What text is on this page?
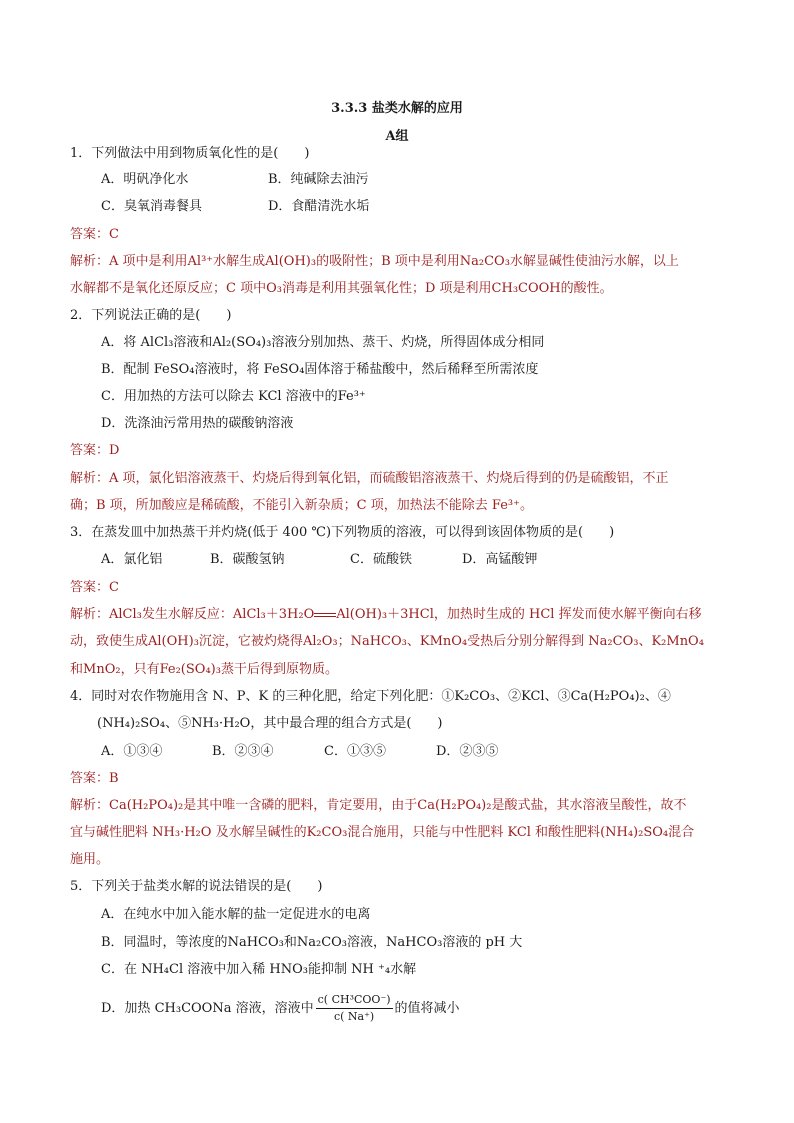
3.3.3 盐类水解的应用
A组
1．下列做法中用到物质氧化性的是(　　)
A．明矾净化水	B．纯碱除去油污
C．臭氧消毒餐具	D．食醋清洗水垢
答案：C
解析：A 项中是利用Al³⁺水解生成Al(OH)₃的吸附性；B 项中是利用Na₂CO₃水解显碱性使油污水解，以上
水解都不是氧化还原反应；C 项中O₃消毒是利用其强氧化性；D 项是利用CH₃COOH的酸性。
2．下列说法正确的是(　　)
A．将 AlCl₃溶液和Al₂(SO₄)₃溶液分别加热、蒸干、灼烧，所得固体成分相同
B．配制 FeSO₄溶液时，将 FeSO₄固体溶于稀盐酸中，然后稀释至所需浓度
C．用加热的方法可以除去 KCl 溶液中的Fe³⁺
D．洗涤油污常用热的碳酸钠溶液
答案：D
解析：A 项，氯化铝溶液蒸干、灼烧后得到氧化铝，而硫酸铝溶液蒸干、灼烧后得到的仍是硫酸铝，不正
确；B 项，所加酸应是稀硫酸，不能引入新杂质；C 项，加热法不能除去 Fe³⁺。
3．在蒸发皿中加热蒸干并灼烧(低于 400 ℃)下列物质的溶液，可以得到该固体物质的是(　　)
A．氯化铝	B．碳酸氢钠	C．硫酸铁	D．高锰酸钾
答案：C
解析：AlCl₃发生水解反应：AlCl₃＋3H₂O Al(OH)₃＋3HCl，加热时生成的 HCl 挥发而使水解平衡向右移
动，致使生成Al(OH)₃沉淀，它被灼烧得Al₂O₃；NaHCO₃、KMnO₄受热后分别分解得到 Na₂CO₃、K₂MnO₄
和MnO₂，只有Fe₂(SO₄)₃蒸干后得到原物质。
4．同时对农作物施用含 N、P、K 的三种化肥，给定下列化肥：①K₂CO₃、②KCl、③Ca(H₂PO₄)₂、④
(NH₄)₂SO₄、⑤NH₃·H₂O，其中最合理的组合方式是(　　)
A．①③④	B．②③④	C．①③⑤	D．②③⑤
答案：B
解析：Ca(H₂PO₄)₂是其中唯一含磷的肥料，肯定要用，由于Ca(H₂PO₄)₂是酸式盐，其水溶液呈酸性，故不
宜与碱性肥料 NH₃·H₂O 及水解呈碱性的K₂CO₃混合施用，只能与中性肥料 KCl 和酸性肥料(NH₄)₂SO₄混合
施用。
5．下列关于盐类水解的说法错误的是(　　)
A．在纯水中加入能水解的盐一定促进水的电离
B．同温时，等浓度的NaHCO₃和Na₂CO₃溶液，NaHCO₃溶液的 pH 大
C．在 NH₄Cl 溶液中加入稀 HNO₃能抑制 NH ⁺₄水解
D．加热 CH₃COONa 溶液，溶液中 $\frac{\text{c( CH³COO⁻)}}{c( Na^+)}$ 的值将减小
